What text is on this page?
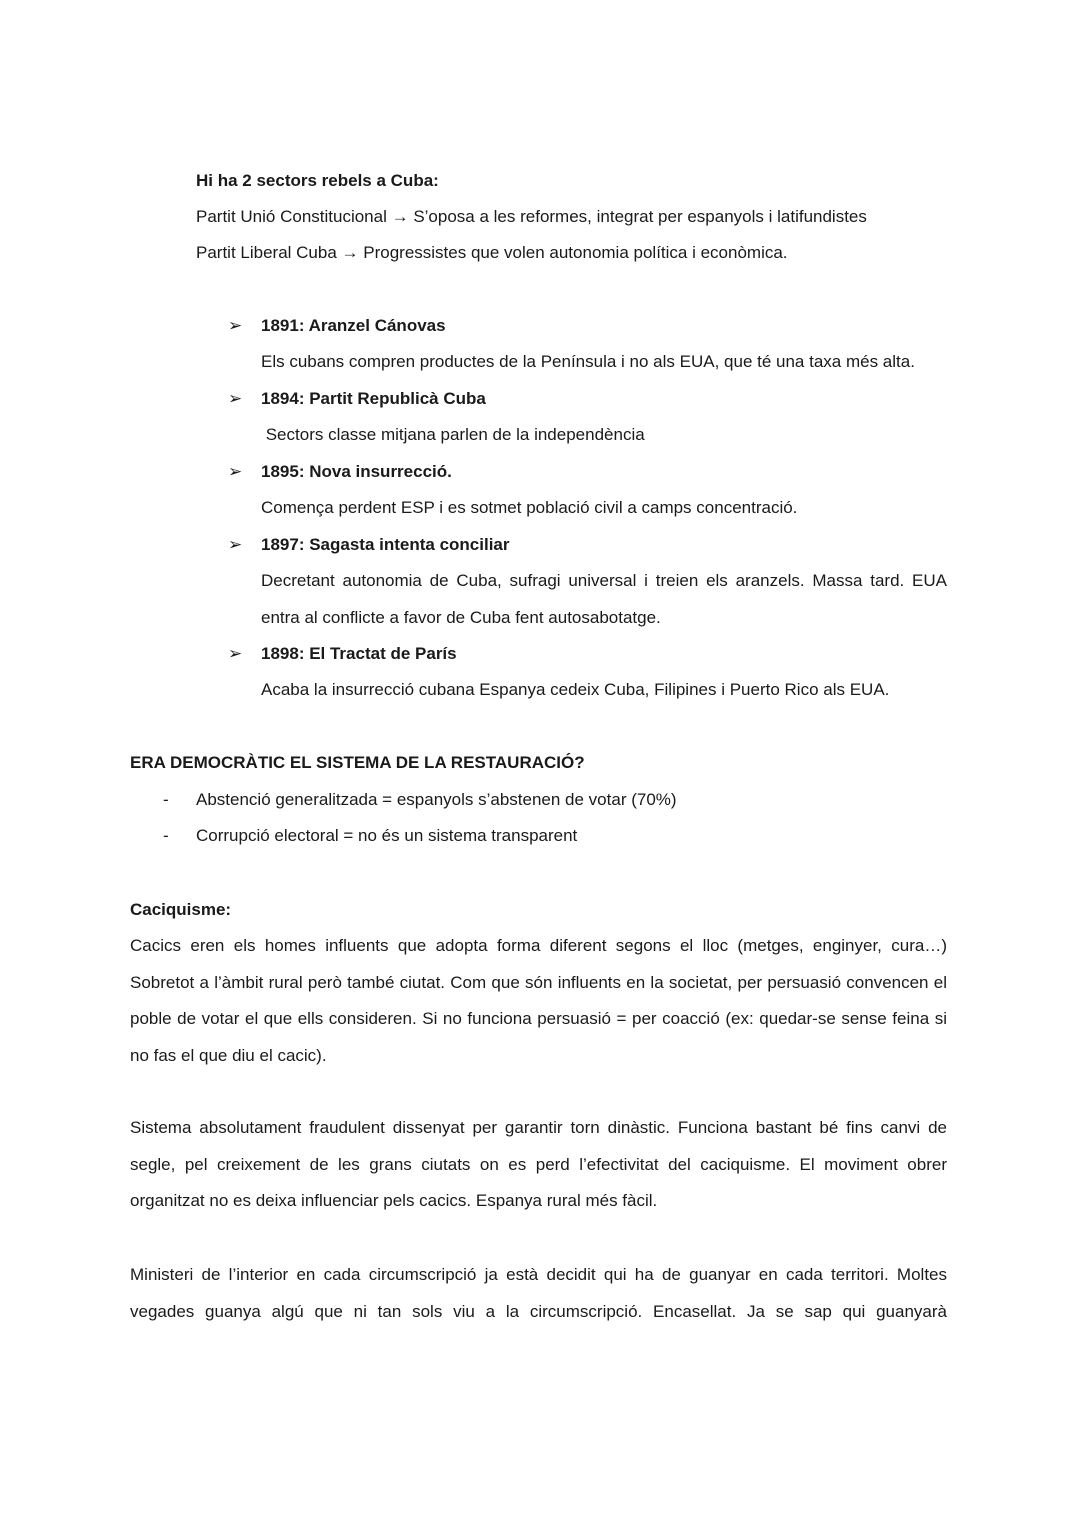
Hi ha 2 sectors rebels a Cuba:
Partit Unió Constitucional → S’oposa a les reformes, integrat per espanyols i latifundistes
Partit Liberal Cuba → Progressistes que volen autonomia política i econòmica.
➢ 1891: Aranzel Cánovas
Els cubans compren productes de la Península i no als EUA, que té una taxa més alta.
➢ 1894: Partit Republicà Cuba
Sectors classe mitjana parlen de la independència
➢ 1895: Nova insurrecció.
Comença perdent ESP i es sotmet població civil a camps concentració.
➢ 1897: Sagasta intenta conciliar
Decretant autonomia de Cuba, sufragi universal i treien els aranzels. Massa tard. EUA entra al conflicte a favor de Cuba fent autosabotatge.
➢ 1898: El Tractat de París
Acaba la insurrecció cubana Espanya cedeix Cuba, Filipines i Puerto Rico als EUA.
ERA DEMOCRÀTIC EL SISTEMA DE LA RESTAURACIÓ?
- Abstenció generalitzada = espanyols s’abstenen de votar (70%)
- Corrupció electoral = no és un sistema transparent
Caciquisme:
Cacics eren els homes influents que adopta forma diferent segons el lloc (metges, enginyer, cura…) Sobretot a l’àmbit rural però també ciutat. Com que són influents en la societat, per persuasió convencen el poble de votar el que ells consideren. Si no funciona persuasió = per coacció (ex: quedar-se sense feina si no fas el que diu el cacic).
Sistema absolutament fraudulent dissenyat per garantir torn dinàstic. Funciona bastant bé fins canvi de segle, pel creixement de les grans ciutats on es perd l’efectivitat del caciquisme. El moviment obrer organitzat no es deixa influenciar pels cacics. Espanya rural més fàcil.
Ministeri de l’interior en cada circumscripció ja està decidit qui ha de guanyar en cada territori. Moltes vegades guanya algú que ni tan sols viu a la circumscripció. Encasellat. Ja se sap qui guanyarà
